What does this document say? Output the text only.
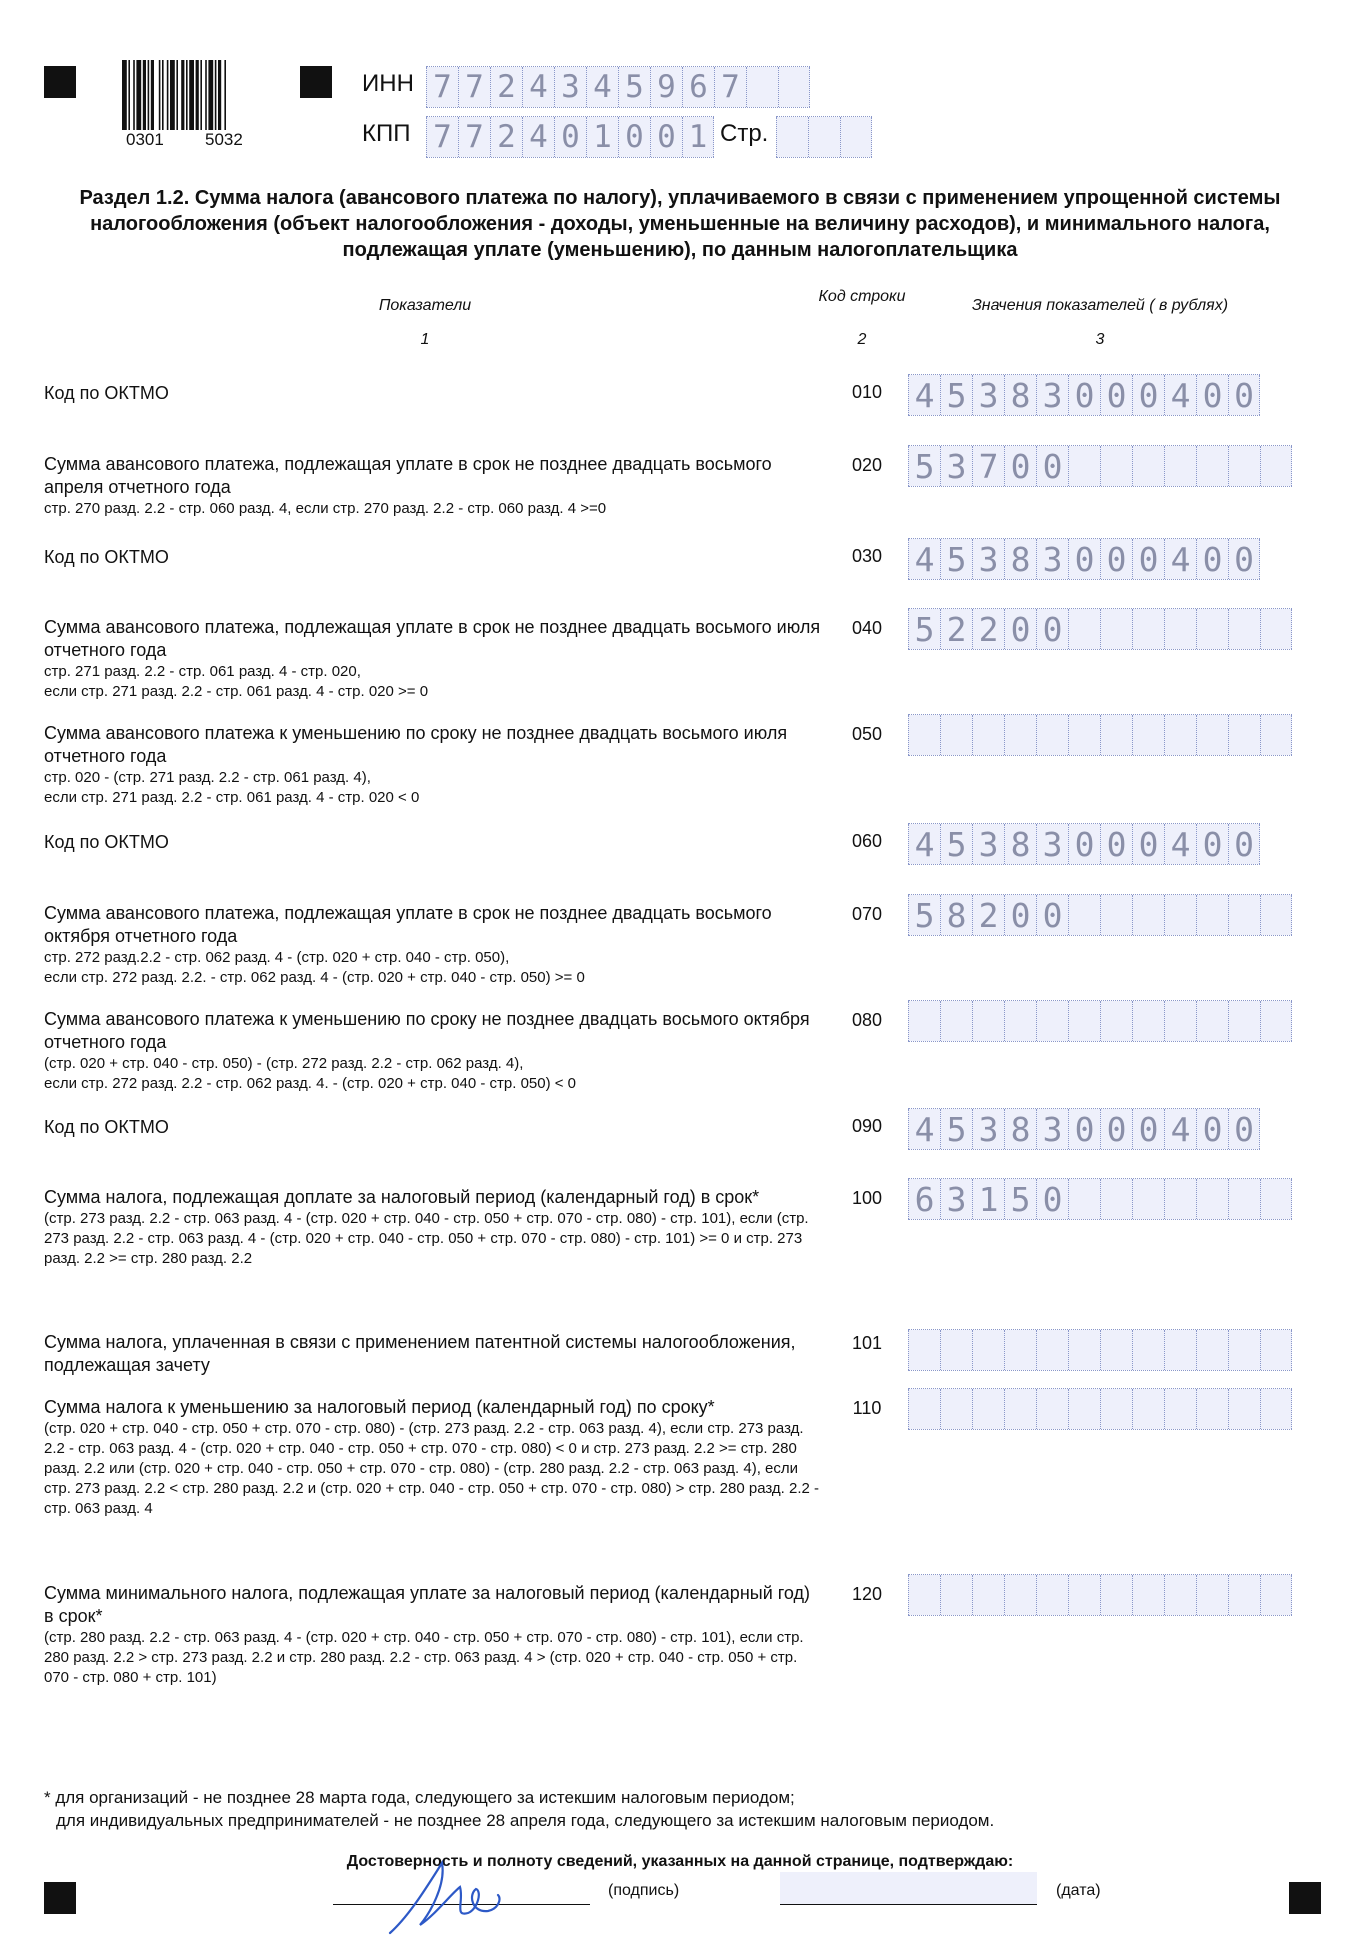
0301 5032
ИНН 7 7 2 4 3 4 5 9 6 7
КПП 7 7 2 4 0 1 0 0 1 Стр.
Раздел 1.2. Сумма налога (авансового платежа по налогу), уплачиваемого в связи с применением упрощенной системы налогообложения (объект налогообложения - доходы, уменьшенные на величину расходов), и минимального налога, подлежащая уплате (уменьшению), по данным налогоплательщика
Показатели
1
Код строки
2
Значения показателей ( в рублях)
3
Код по ОКТМО	010 4 5 3 8 3 0 0 0 4 0 0
Сумма авансового платежа, подлежащая уплате в срок не позднее двадцать восьмого апреля отчетного года
стр. 270 разд. 2.2 - стр. 060 разд. 4, если стр. 270 разд. 2.2 - стр. 060 разд. 4 >=0
020 5 3 7 0 0
Код по ОКТМО	030 4 5 3 8 3 0 0 0 4 0 0
Сумма авансового платежа, подлежащая уплате в срок не позднее двадцать восьмого июля отчетного года
стр. 271 разд. 2.2 - стр. 061 разд. 4 - стр. 020,
если стр. 271 разд. 2.2 - стр. 061 разд. 4 - стр. 020 >= 0
040 5 2 2 0 0
Сумма авансового платежа к уменьшению по сроку не позднее двадцать восьмого июля отчетного года
стр. 020 - (стр. 271 разд. 2.2 - стр. 061 разд. 4),
если стр. 271 разд. 2.2 - стр. 061 разд. 4 - стр. 020 < 0
050
Код по ОКТМО	060 4 5 3 8 3 0 0 0 4 0 0
Сумма авансового платежа, подлежащая уплате в срок не позднее двадцать восьмого октября отчетного года
стр. 272 разд.2.2 - стр. 062 разд. 4 - (стр. 020 + стр. 040 - стр. 050),
если стр. 272 разд. 2.2. - стр. 062 разд. 4 - (стр. 020 + стр. 040 - стр. 050) >= 0
070 5 8 2 0 0
Сумма авансового платежа к уменьшению по сроку не позднее двадцать восьмого октября отчетного года
(стр. 020 + стр. 040 - стр. 050) - (стр. 272 разд. 2.2 - стр. 062 разд. 4),
если стр. 272 разд. 2.2 - стр. 062 разд. 4. - (стр. 020 + стр. 040 - стр. 050) < 0
080
Код по ОКТМО	090 4 5 3 8 3 0 0 0 4 0 0
Сумма налога, подлежащая доплате за налоговый период (календарный год) в срок*
(стр. 273 разд. 2.2 - стр. 063 разд. 4 - (стр. 020 + стр. 040 - стр. 050 + стр. 070 - стр. 080) - стр. 101), если (стр. 273 разд. 2.2 - стр. 063 разд. 4 - (стр. 020 + стр. 040 - стр. 050 + стр. 070 - стр. 080) - стр. 101) >= 0 и стр. 273 разд. 2.2 >= стр. 280 разд. 2.2
100 6 3 1 5 0
Сумма налога, уплаченная в связи с применением патентной системы налогообложения, подлежащая зачету
101
Сумма налога к уменьшению за налоговый период (календарный год) по сроку*
(стр. 020 + стр. 040 - стр. 050 + стр. 070 - стр. 080) - (стр. 273 разд. 2.2 - стр. 063 разд. 4), если стр. 273 разд. 2.2 - стр. 063 разд. 4 - (стр. 020 + стр. 040 - стр. 050 + стр. 070 - стр. 080) < 0 и стр. 273 разд. 2.2 >= стр. 280 разд. 2.2 или (стр. 020 + стр. 040 - стр. 050 + стр. 070 - стр. 080) - (стр. 280 разд. 2.2 - стр. 063 разд. 4), если стр. 273 разд. 2.2 < стр. 280 разд. 2.2 и (стр. 020 + стр. 040 - стр. 050 + стр. 070 - стр. 080) > стр. 280 разд. 2.2 - стр. 063 разд. 4
110
Сумма минимального налога, подлежащая уплате за налоговый период (календарный год) в срок*
(стр. 280 разд. 2.2 - стр. 063 разд. 4 - (стр. 020 + стр. 040 - стр. 050 + стр. 070 - стр. 080) - стр. 101), если стр. 280 разд. 2.2 > стр. 273 разд. 2.2 и стр. 280 разд. 2.2 - стр. 063 разд. 4 > (стр. 020 + стр. 040 - стр. 050 + стр. 070 - стр. 080 + стр. 101)
120
* для организаций - не позднее 28 марта года, следующего за истекшим налоговым периодом;
для индивидуальных предпринимателей - не позднее 28 апреля года, следующего за истекшим налоговым периодом.
Достоверность и полноту сведений, указанных на данной странице, подтверждаю:
(подпись)	(дата)
